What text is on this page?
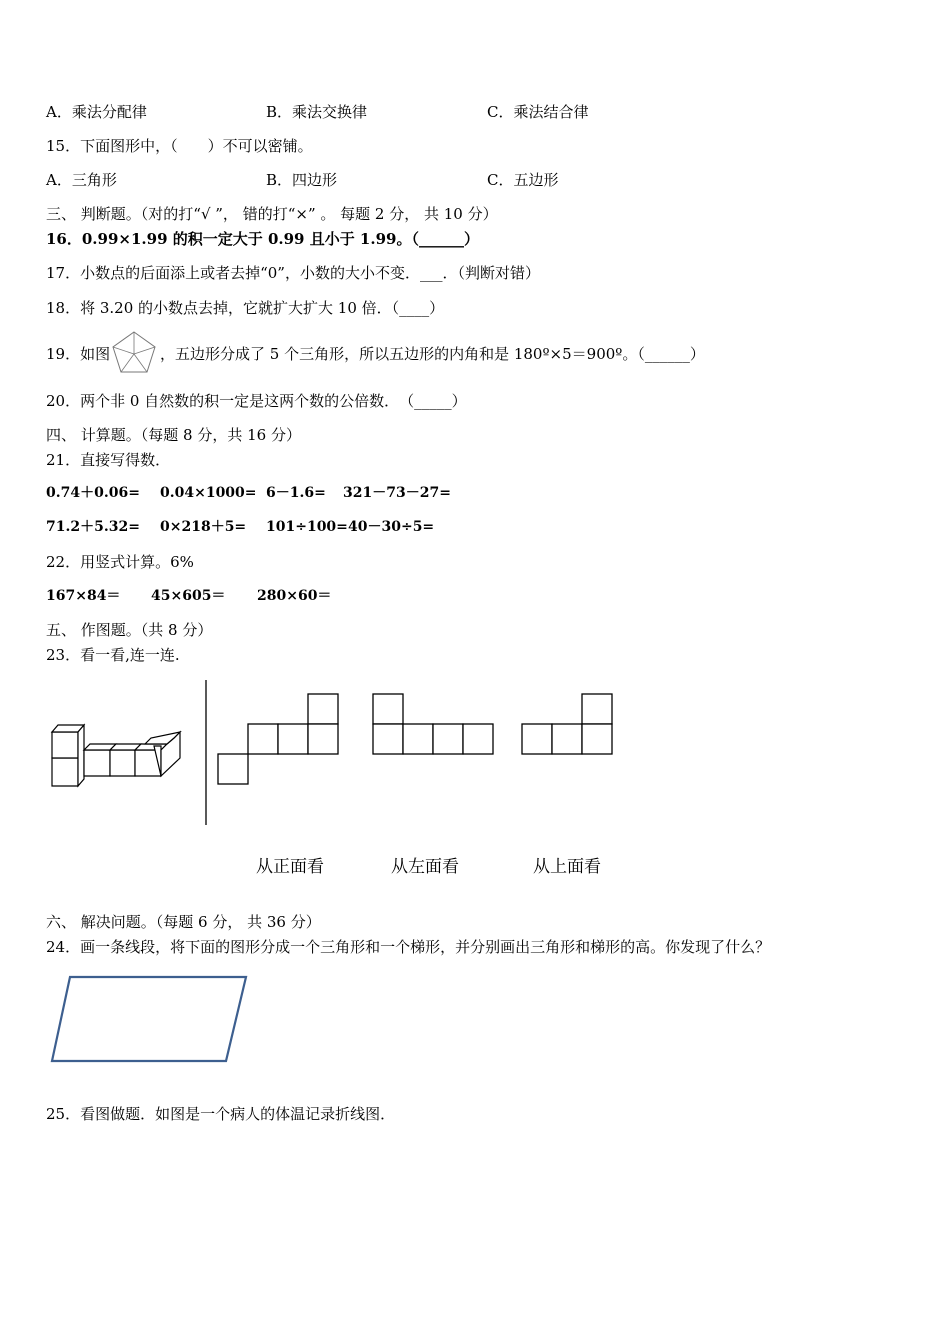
A．乘法分配律	B．乘法交换律	C．乘法结合律
15．下面图形中，（　　）不可以密铺。
A．三角形	B．四边形	C．五边形
三、 判断题。（对的打“√ ”， 错的打“×” 。 每题 2 分， 共 10 分）
16．0.99×1.99 的积一定大于 0.99 且小于 1.99。（______）
17．小数点的后面添上或者去掉“0”，小数的大小不变．___．（判断对错）
18．将 3.20 的小数点去掉，它就扩大扩大 10 倍．（____）
19．如图	，五边形分成了 5 个三角形，所以五边形的内角和是 180º×5＝900º。（______）
20．两个非 0 自然数的积一定是这两个数的公倍数．　（_____）
四、 计算题。（每题 8 分，共 16 分）
21．直接写得数．
0.74＋0.06= 0.04×1000= 6－1.6= 321－73－27=
71.2＋5.32= 0×218＋5= 101÷100= 40－30÷5=
22．用竖式计算。6%
167×84＝ 45×605＝ 280×60＝
五、 作图题。（共 8 分）
23．看一看,连一连.
从正面看	从左面看	从上面看
六、 解决问题。（每题 6 分， 共 36 分）
24．画一条线段，将下面的图形分成一个三角形和一个梯形，并分别画出三角形和梯形的高。你发现了什么？
25．看图做题．如图是一个病人的体温记录折线图．
